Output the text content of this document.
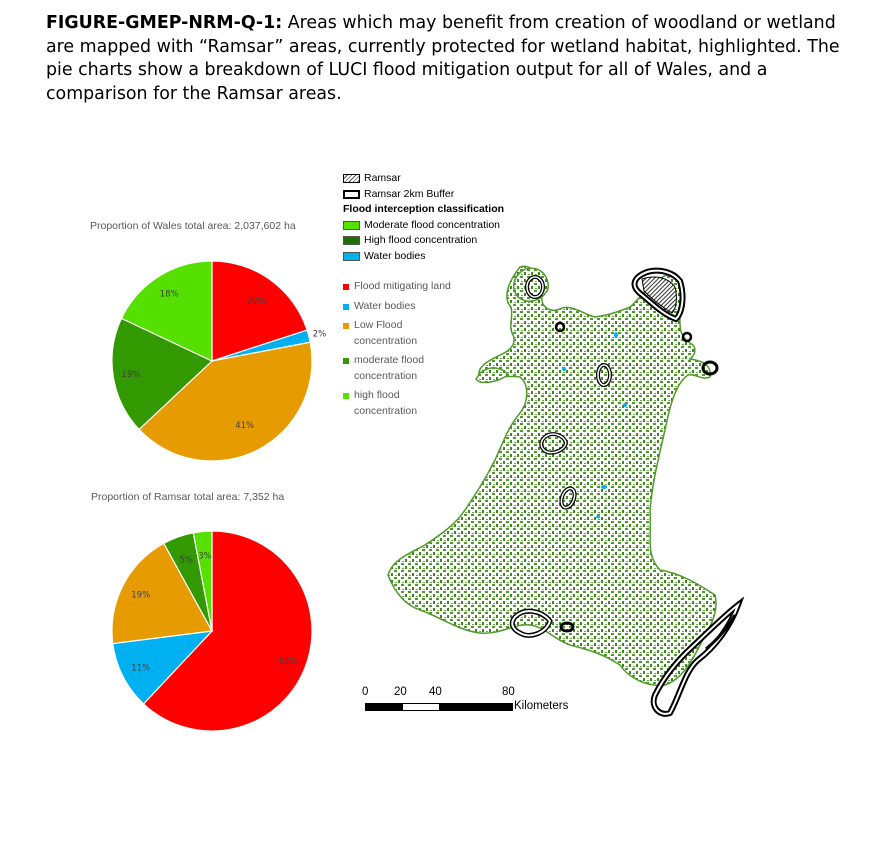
FIGURE-GMEP-NRM-Q-1: Areas which may benefit from creation of woodland or wetland are mapped with “Ramsar” areas, currently protected for wetland habitat, highlighted. The pie charts show a breakdown of LUCI flood mitigation output for all of Wales, and a comparison for the Ramsar areas.
Proportion of Wales total area: 2,037,602 ha
20%
2%
41%
19%
18%
Proportion of Ramsar total area: 7,352 ha
62%
11%
19%
5% 3%
Ramsar
Ramsar 2km Buffer
Flood interception classification
Moderate flood concentration
High flood concentration
Water bodies
Flood mitigating land
Water bodies
Low Flood concentration
moderate flood concentration
high flood concentration
0 20 40	80
Kilometers
